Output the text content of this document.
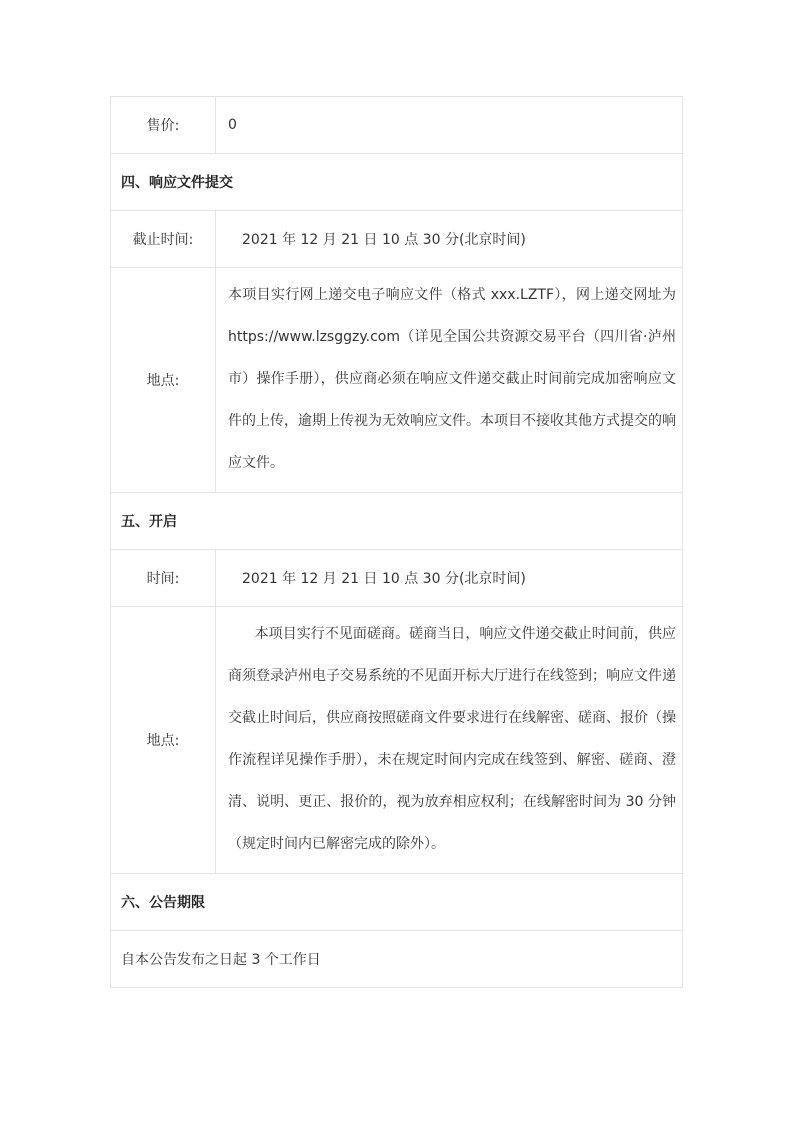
售价:	0
四、响应文件提交	
截止时间:	2021 年 12 月 21 日 10 点 30 分(北京时间)
地点:	本项目实行网上递交电子响应文件（格式 xxx.LZTF），网上递交网址为 https://www.lzsggzy.com（详见全国公共资源交易平台（四川省·泸州市）操作手册），供应商必须在响应文件递交截止时间前完成加密响应文件的上传，逾期上传视为无效响应文件。本项目不接收其他方式提交的响应文件。

五、开启	
时间:	2021 年 12 月 21 日 10 点 30 分(北京时间)
地点:	本项目实行不见面磋商。磋商当日，响应文件递交截止时间前，供应商须登录泸州电子交易系统的不见面开标大厅进行在线签到；响应文件递交截止时间后，供应商按照磋商文件要求进行在线解密、磋商、报价（操作流程详见操作手册），未在规定时间内完成在线签到、解密、磋商、澄清、说明、更正、报价的，视为放弃相应权利；在线解密时间为 30 分钟（规定时间内已解密完成的除外）。

六、公告期限	
自本公告发布之日起 3 个工作日	
